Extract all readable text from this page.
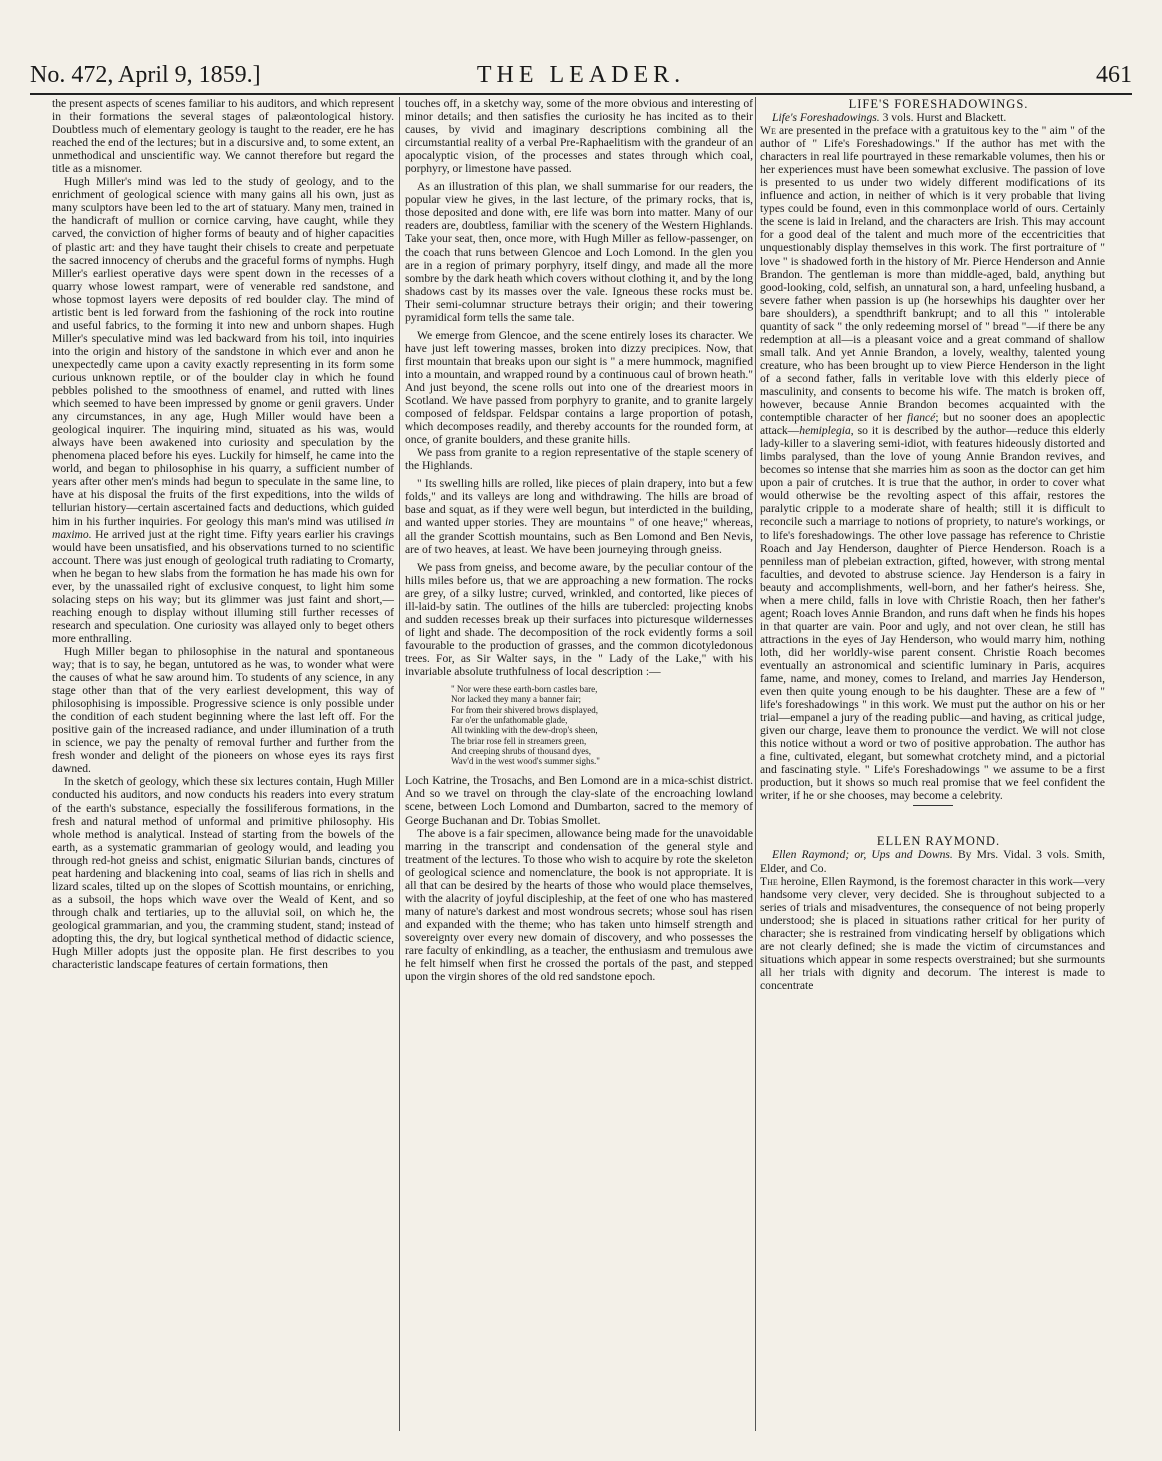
No. 472, April 9, 1859.]	THE LEADER.	461

the present aspects of scenes familiar to his auditors, and which represent in their formations the several stages of palæontological history. Doubtless much of elementary geology is taught to the reader, ere he has reached the end of the lectures; but in a discursive and, to some extent, an unmethodical and unscientific way. We cannot therefore but regard the title as a misnomer.

Hugh Miller's mind was led to the study of geology, and to the enrichment of geological science with many gains all his own, just as many sculptors have been led to the art of statuary. Many men, trained in the handicraft of mullion or cornice carving, have caught, while they carved, the conviction of higher forms of beauty and of higher capacities of plastic art: and they have taught their chisels to create and perpetuate the sacred innocency of cherubs and the graceful forms of nymphs. Hugh Miller's earliest operative days were spent down in the recesses of a quarry whose lowest rampart, were of venerable red sandstone, and whose topmost layers were deposits of red boulder clay. The mind of artistic bent is led forward from the fashioning of the rock into routine and useful fabrics, to the forming it into new and unborn shapes. Hugh Miller's speculative mind was led backward from his toil, into inquiries into the origin and history of the sandstone in which ever and anon he unexpectedly came upon a cavity exactly representing in its form some curious unknown reptile, or of the boulder clay in which he found pebbles polished to the smoothness of enamel, and rutted with lines which seemed to have been impressed by gnome or genii gravers. Under any circumstances, in any age, Hugh Miller would have been a geological inquirer. The inquiring mind, situated as his was, would always have been awakened into curiosity and speculation by the phenomena placed before his eyes. Luckily for himself, he came into the world, and began to philosophise in his quarry, a sufficient number of years after other men's minds had begun to speculate in the same line, to have at his disposal the fruits of the first expeditions, into the wilds of tellurian history—certain ascertained facts and deductions, which guided him in his further inquiries. For geology this man's mind was utilised in maximo. He arrived just at the right time. Fifty years earlier his cravings would have been unsatisfied, and his observations turned to no scientific account. There was just enough of geological truth radiating to Cromarty, when he began to hew slabs from the formation he has made his own for ever, by the unassailed right of exclusive conquest, to light him some solacing steps on his way; but its glimmer was just faint and short,—reaching enough to display without illuming still further recesses of research and speculation. One curiosity was allayed only to beget others more enthralling.

Hugh Miller began to philosophise in the natural and spontaneous way; that is to say, he began, untutored as he was, to wonder what were the causes of what he saw around him. To students of any science, in any stage other than that of the very earliest development, this way of philosophising is impossible. Progressive science is only possible under the condition of each student beginning where the last left off. For the positive gain of the increased radiance, and under illumination of a truth in science, we pay the penalty of removal further and further from the fresh wonder and delight of the pioneers on whose eyes its rays first dawned.

In the sketch of geology, which these six lectures contain, Hugh Miller conducted his auditors, and now conducts his readers into every stratum of the earth's substance, especially the fossiliferous formations, in the fresh and natural method of unformal and primitive philosophy. His whole method is analytical. Instead of starting from the bowels of the earth, as a systematic grammarian of geology would, and leading you through red-hot gneiss and schist, enigmatic Silurian bands, cinctures of peat hardening and blackening into coal, seams of lias rich in shells and lizard scales, tilted up on the slopes of Scottish mountains, or enriching, as a subsoil, the hops which wave over the Weald of Kent, and so through chalk and tertiaries, up to the alluvial soil, on which he, the geological grammarian, and you, the cramming student, stand; instead of adopting this, the dry, but logical synthetical method of didactic science, Hugh Miller adopts just the opposite plan. He first describes to you characteristic landscape features of certain formations, then

touches off, in a sketchy way, some of the more obvious and interesting of minor details; and then satisfies the curiosity he has incited as to their causes, by vivid and imaginary descriptions combining all the circumstantial reality of a verbal Pre-Raphaelitism with the grandeur of an apocalyptic vision, of the processes and states through which coal, porphyry, or limestone have passed.

As an illustration of this plan, we shall summarise for our readers, the popular view he gives, in the last lecture, of the primary rocks, that is, those deposited and done with, ere life was born into matter. Many of our readers are, doubtless, familiar with the scenery of the Western Highlands. Take your seat, then, once more, with Hugh Miller as fellow-passenger, on the coach that runs between Glencoe and Loch Lomond. In the glen you are in a region of primary porphyry, itself dingy, and made all the more sombre by the dark heath which covers without clothing it, and by the long shadows cast by its masses over the vale. Igneous these rocks must be. Their semi-columnar structure betrays their origin; and their towering pyramidical form tells the same tale.

We emerge from Glencoe, and the scene entirely loses its character. We have just left towering masses, broken into dizzy precipices. Now, that first mountain that breaks upon our sight is " a mere hummock, magnified into a mountain, and wrapped round by a continuous caul of brown heath." And just beyond, the scene rolls out into one of the dreariest moors in Scotland. We have passed from porphyry to granite, and to granite largely composed of feldspar. Feldspar contains a large proportion of potash, which decomposes readily, and thereby accounts for the rounded form, at once, of granite boulders, and these granite hills.

We pass from granite to a region representative of the staple scenery of the Highlands.

" Its swelling hills are rolled, like pieces of plain drapery, into but a few folds," and its valleys are long and withdrawing. The hills are broad of base and squat, as if they were well begun, but interdicted in the building, and wanted upper stories. They are mountains " of one heave;" whereas, all the grander Scottish mountains, such as Ben Lomond and Ben Nevis, are of two heaves, at least. We have been journeying through gneiss.

We pass from gneiss, and become aware, by the peculiar contour of the hills miles before us, that we are approaching a new formation. The rocks are grey, of a silky lustre; curved, wrinkled, and contorted, like pieces of ill-laid-by satin. The outlines of the hills are tubercled: projecting knobs and sudden recesses break up their surfaces into picturesque wildernesses of light and shade. The decomposition of the rock evidently forms a soil favourable to the production of grasses, and the common dicotyledonous trees. For, as Sir Walter says, in the " Lady of the Lake," with his invariable absolute truthfulness of local description :—

" Nor were these earth-born castles bare,
Nor lacked they many a banner fair;
For from their shivered brows displayed,
Far o'er the unfathomable glade,
All twinkling with the dew-drop's sheen,
The briar rose fell in streamers green,
And creeping shrubs of thousand dyes,
Wav'd in the west wood's summer sighs."

Loch Katrine, the Trosachs, and Ben Lomond are in a mica-schist district. And so we travel on through the clay-slate of the encroaching lowland scene, between Loch Lomond and Dumbarton, sacred to the memory of George Buchanan and Dr. Tobias Smollet.

The above is a fair specimen, allowance being made for the unavoidable marring in the transcript and condensation of the general style and treatment of the lectures. To those who wish to acquire by rote the skeleton of geological science and nomenclature, the book is not appropriate. It is all that can be desired by the hearts of those who would place themselves, with the alacrity of joyful discipleship, at the feet of one who has mastered many of nature's darkest and most wondrous secrets; whose soul has risen and expanded with the theme; who has taken unto himself strength and sovereignty over every new domain of discovery, and who possesses the rare faculty of enkindling, as a teacher, the enthusiasm and tremulous awe he felt himself when first he crossed the portals of the past, and stepped upon the virgin shores of the old red sandstone epoch.

LIFE'S FORESHADOWINGS.

Life's Foreshadowings. 3 vols. Hurst and Blackett.

We are presented in the preface with a gratuitous key to the " aim " of the author of " Life's Foreshadowings." If the author has met with the characters in real life pourtrayed in these remarkable volumes, then his or her experiences must have been somewhat exclusive. The passion of love is presented to us under two widely different modifications of its influence and action, in neither of which is it very probable that living types could be found, even in this commonplace world of ours. Certainly the scene is laid in Ireland, and the characters are Irish. This may account for a good deal of the talent and much more of the eccentricities that unquestionably display themselves in this work. The first portraiture of " love " is shadowed forth in the history of Mr. Pierce Henderson and Annie Brandon. The gentleman is more than middle-aged, bald, anything but good-looking, cold, selfish, an unnatural son, a hard, unfeeling husband, a severe father when passion is up (he horsewhips his daughter over her bare shoulders), a spendthrift bankrupt; and to all this " intolerable quantity of sack " the only redeeming morsel of " bread "—if there be any redemption at all—is a pleasant voice and a great command of shallow small talk. And yet Annie Brandon, a lovely, wealthy, talented young creature, who has been brought up to view Pierce Henderson in the light of a second father, falls in veritable love with this elderly piece of masculinity, and consents to become his wife. The match is broken off, however, because Annie Brandon becomes acquainted with the contemptible character of her fiancé; but no sooner does an apoplectic attack—hemiplegia, so it is described by the author—reduce this elderly lady-killer to a slavering semi-idiot, with features hideously distorted and limbs paralysed, than the love of young Annie Brandon revives, and becomes so intense that she marries him as soon as the doctor can get him upon a pair of crutches. It is true that the author, in order to cover what would otherwise be the revolting aspect of this affair, restores the paralytic cripple to a moderate share of health; still it is difficult to reconcile such a marriage to notions of propriety, to nature's workings, or to life's foreshadowings. The other love passage has reference to Christie Roach and Jay Henderson, daughter of Pierce Henderson. Roach is a penniless man of plebeian extraction, gifted, however, with strong mental faculties, and devoted to abstruse science. Jay Henderson is a fairy in beauty and accomplishments, well-born, and her father's heiress. She, when a mere child, falls in love with Christie Roach, then her father's agent; Roach loves Annie Brandon, and runs daft when he finds his hopes in that quarter are vain. Poor and ugly, and not over clean, he still has attractions in the eyes of Jay Henderson, who would marry him, nothing loth, did her worldly-wise parent consent. Christie Roach becomes eventually an astronomical and scientific luminary in Paris, acquires fame, name, and money, comes to Ireland, and marries Jay Henderson, even then quite young enough to be his daughter. These are a few of " life's foreshadowings " in this work. We must put the author on his or her trial—empanel a jury of the reading public—and having, as critical judge, given our charge, leave them to pronounce the verdict. We will not close this notice without a word or two of positive approbation. The author has a fine, cultivated, elegant, but somewhat crotchety mind, and a pictorial and fascinating style. " Life's Foreshadowings " we assume to be a first production, but it shows so much real promise that we feel confident the writer, if he or she chooses, may become a celebrity.

ELLEN RAYMOND.

Ellen Raymond; or, Ups and Downs. By Mrs. Vidal. 3 vols. Smith, Elder, and Co.

The heroine, Ellen Raymond, is the foremost character in this work—very handsome very clever, very decided. She is throughout subjected to a series of trials and misadventures, the consequence of not being properly understood; she is placed in situations rather critical for her purity of character; she is restrained from vindicating herself by obligations which are not clearly defined; she is made the victim of circumstances and situations which appear in some respects overstrained; but she surmounts all her trials with dignity and decorum. The interest is made to concentrate
